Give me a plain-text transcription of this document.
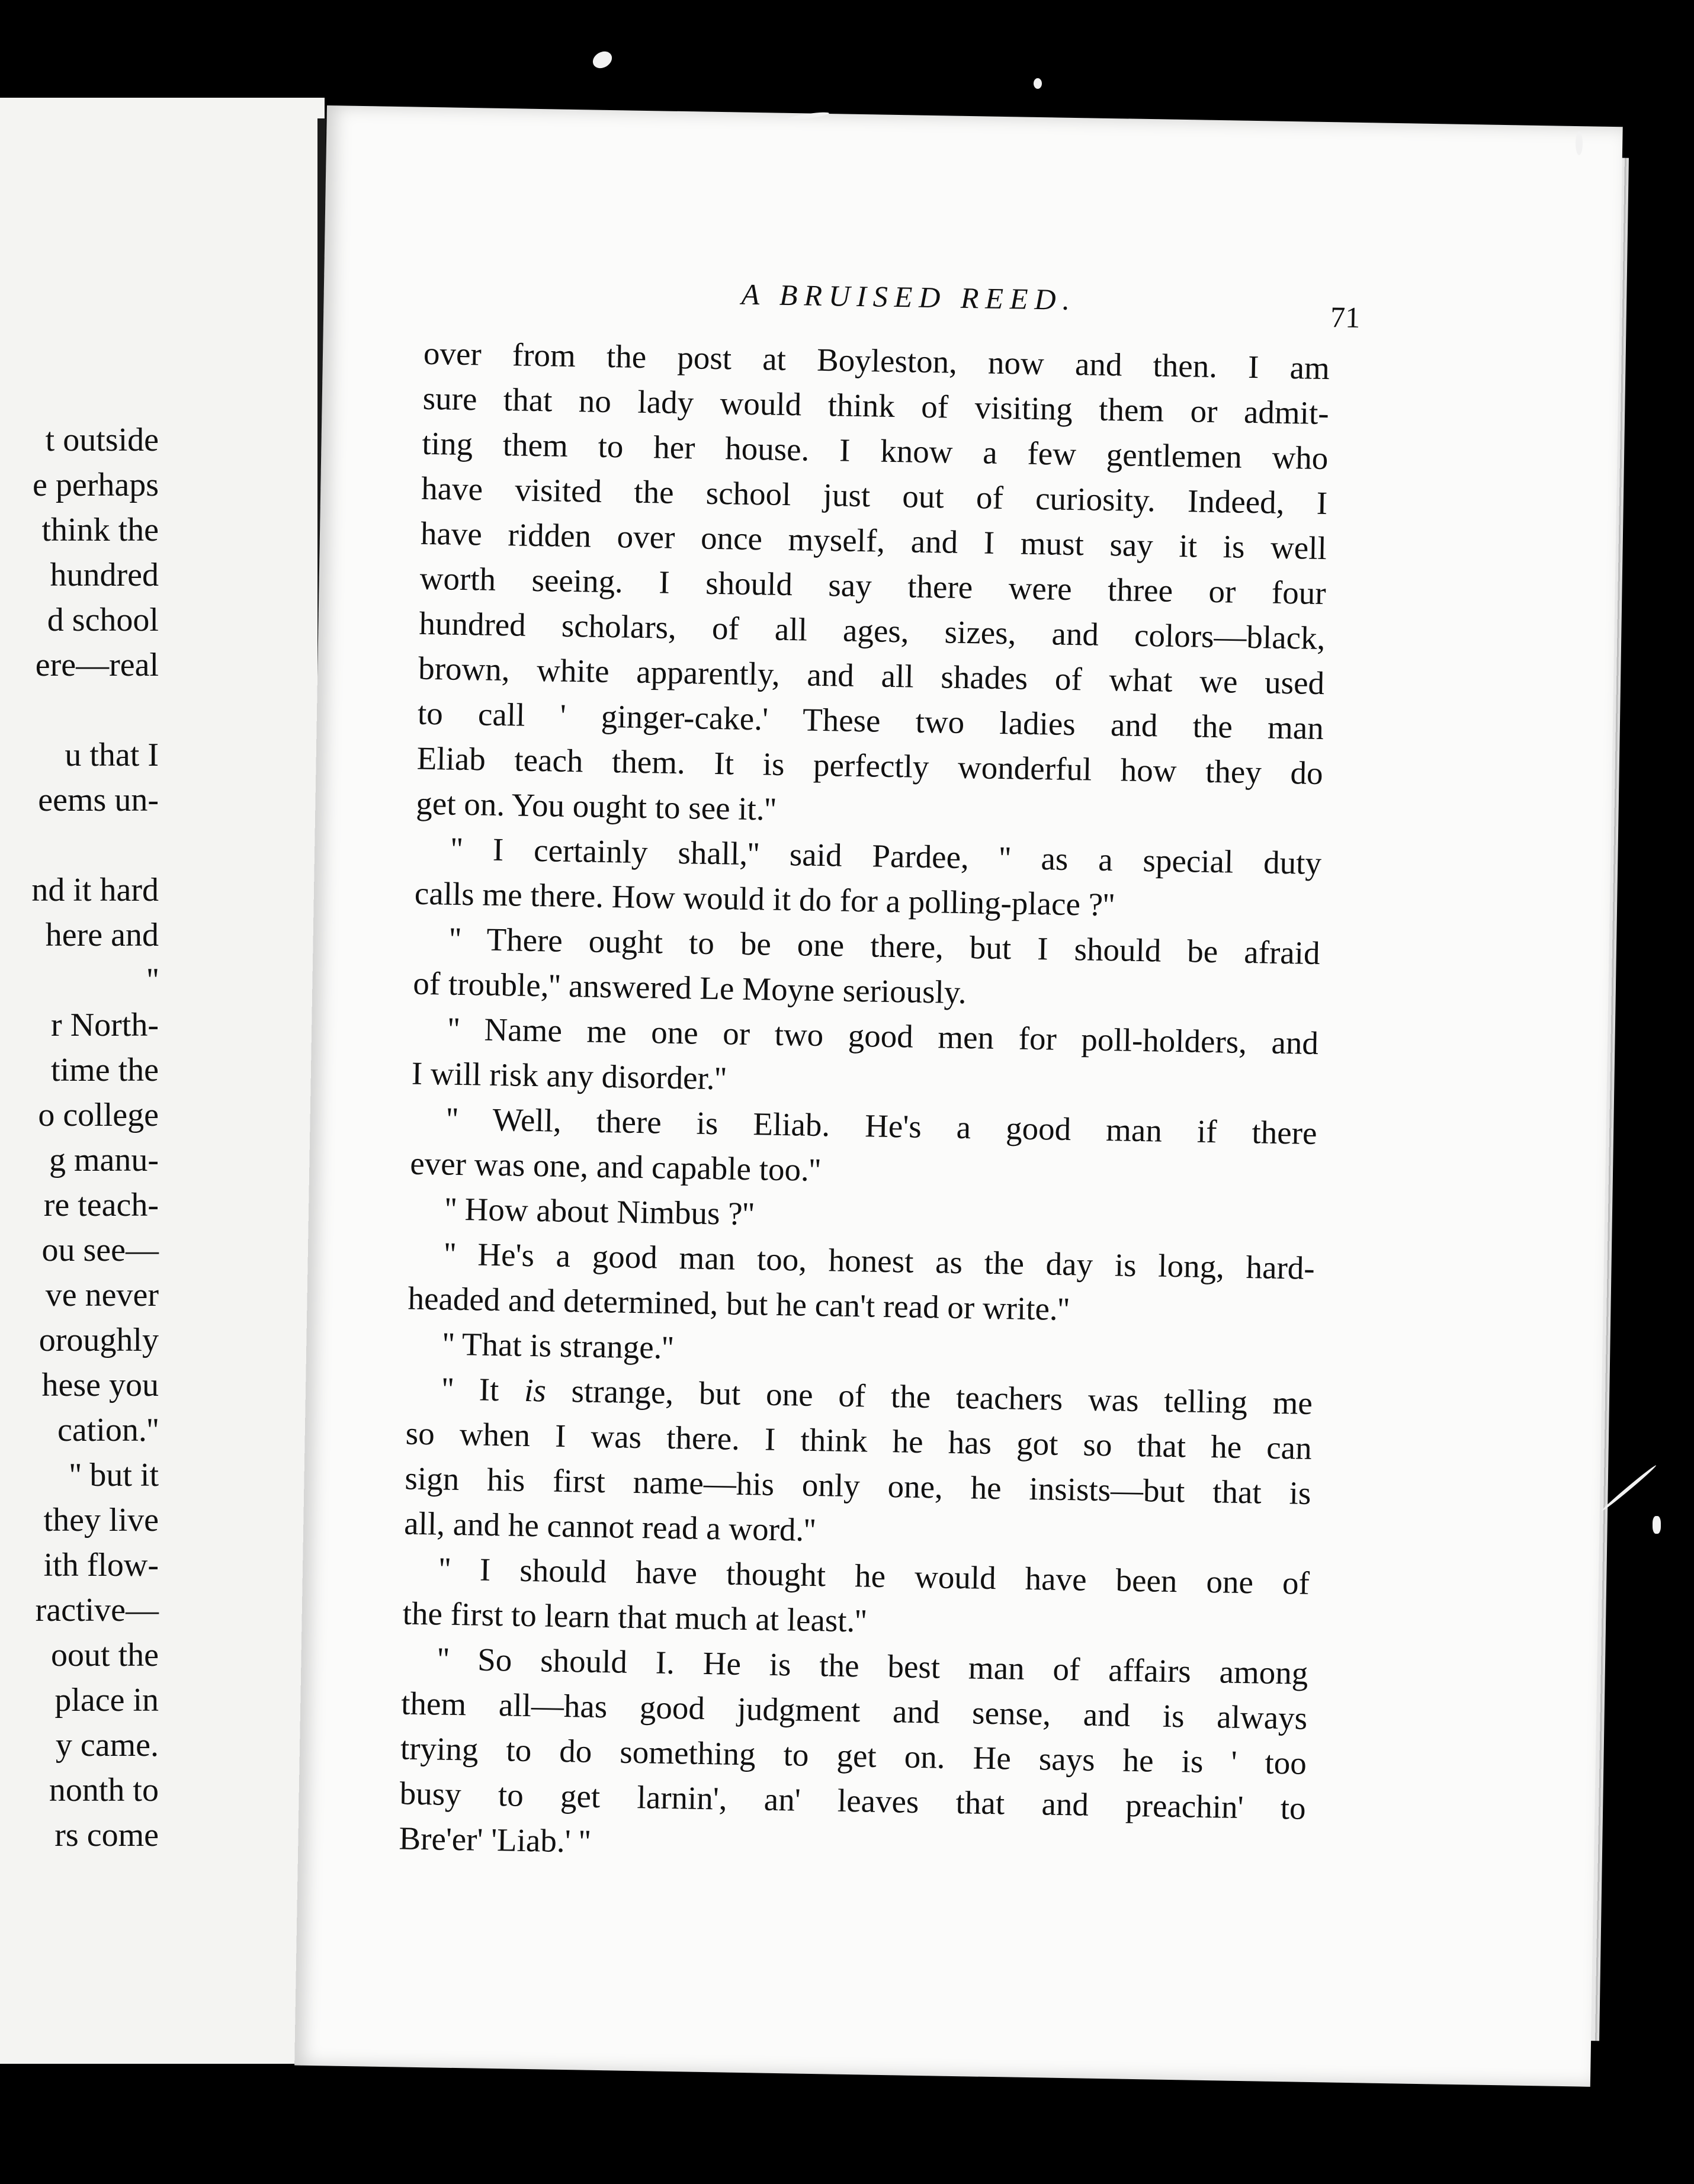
t outside
e perhaps
think the
hundred
d school
ere—real
u that I
eems un-
nd it hard
here and
''
r North-
time the
o college
g manu-
re teach-
ou see—
ve never
oroughly
hese you
cation.''
'' but it
they live
ith flow-
ractive—
oout the
place in
y came.
nonth to
rs come
A BRUISED REED.
71
over from the post at Boyleston, now and then. I am
sure that no lady would think of visiting them or admit-
ting them to her house. I know a few gentlemen who
have visited the school just out of curiosity. Indeed, I
have ridden over once myself, and I must say it is well
worth seeing. I should say there were three or four
hundred scholars, of all ages, sizes, and colors—black,
brown, white apparently, and all shades of what we used
to call ' ginger-cake.' These two ladies and the man
Eliab teach them. It is perfectly wonderful how they do
get on. You ought to see it.''
'' I certainly shall,'' said Pardee, '' as a special duty
calls me there. How would it do for a polling-place ?''
'' There ought to be one there, but I should be afraid
of trouble,'' answered Le Moyne seriously.
'' Name me one or two good men for poll-holders, and
I will risk any disorder.''
'' Well, there is Eliab. He's a good man if there
ever was one, and capable too.''
'' How about Nimbus ?''
'' He's a good man too, honest as the day is long, hard-
headed and determined, but he can't read or write.''
'' That is strange.''
'' It is strange, but one of the teachers was telling me
so when I was there. I think he has got so that he can
sign his first name—his only one, he insists—but that is
all, and he cannot read a word.''
'' I should have thought he would have been one of
the first to learn that much at least.''
'' So should I. He is the best man of affairs among
them all—has good judgment and sense, and is always
trying to do something to get on. He says he is ' too
busy to get larnin', an' leaves that and preachin' to
Bre'er' 'Liab.' ''
